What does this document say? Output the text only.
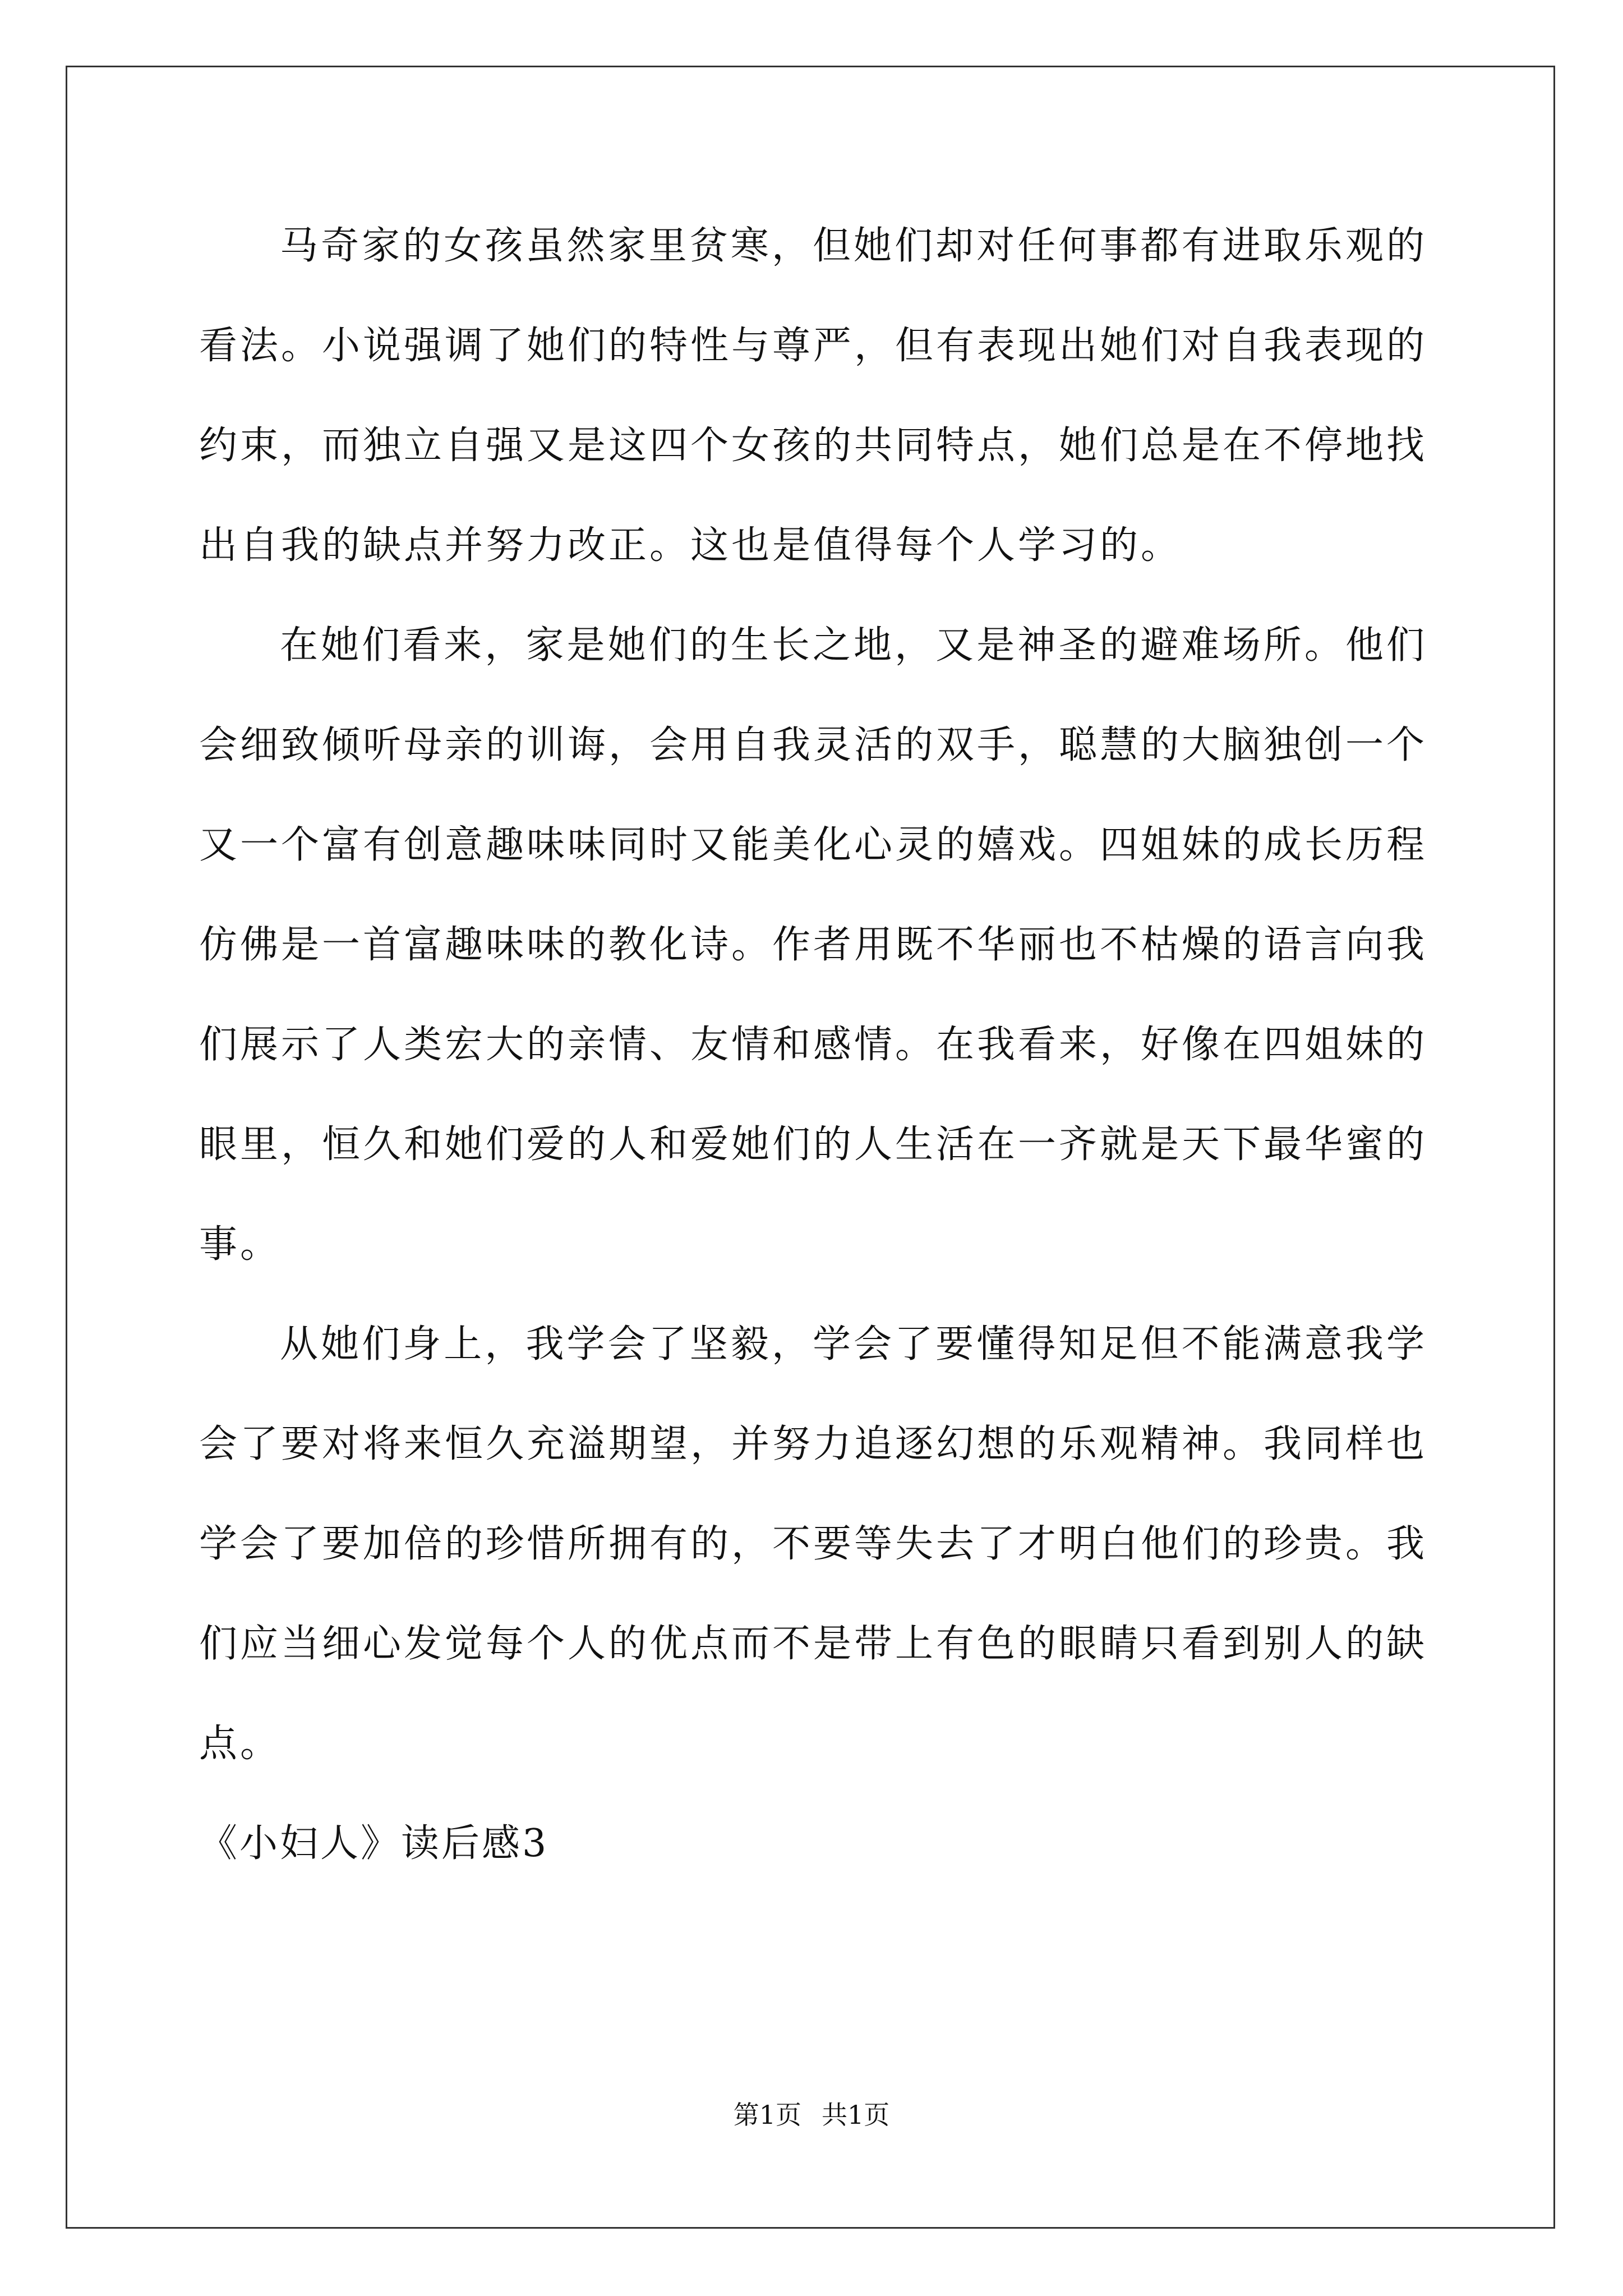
马奇家的女孩虽然家里贫寒，但她们却对任何事都有进取乐观的看法。小说强调了她们的特性与尊严，但有表现出她们对自我表现的约束，而独立自强又是这四个女孩的共同特点，她们总是在不停地找出自我的缺点并努力改正。这也是值得每个人学习的。

在她们看来，家是她们的生长之地，又是神圣的避难场所。他们会细致倾听母亲的训诲，会用自我灵活的双手，聪慧的大脑独创一个又一个富有创意趣味味同时又能美化心灵的嬉戏。四姐妹的成长历程仿佛是一首富趣味味的教化诗。作者用既不华丽也不枯燥的语言向我们展示了人类宏大的亲情、友情和感情。在我看来，好像在四姐妹的眼里，恒久和她们爱的人和爱她们的人生活在一齐就是天下最华蜜的事。

从她们身上，我学会了坚毅，学会了要懂得知足但不能满意我学会了要对将来恒久充溢期望，并努力追逐幻想的乐观精神。我同样也学会了要加倍的珍惜所拥有的，不要等失去了才明白他们的珍贵。我们应当细心发觉每个人的优点而不是带上有色的眼睛只看到别人的缺点。

《小妇人》读后感3

第1页 共1页
